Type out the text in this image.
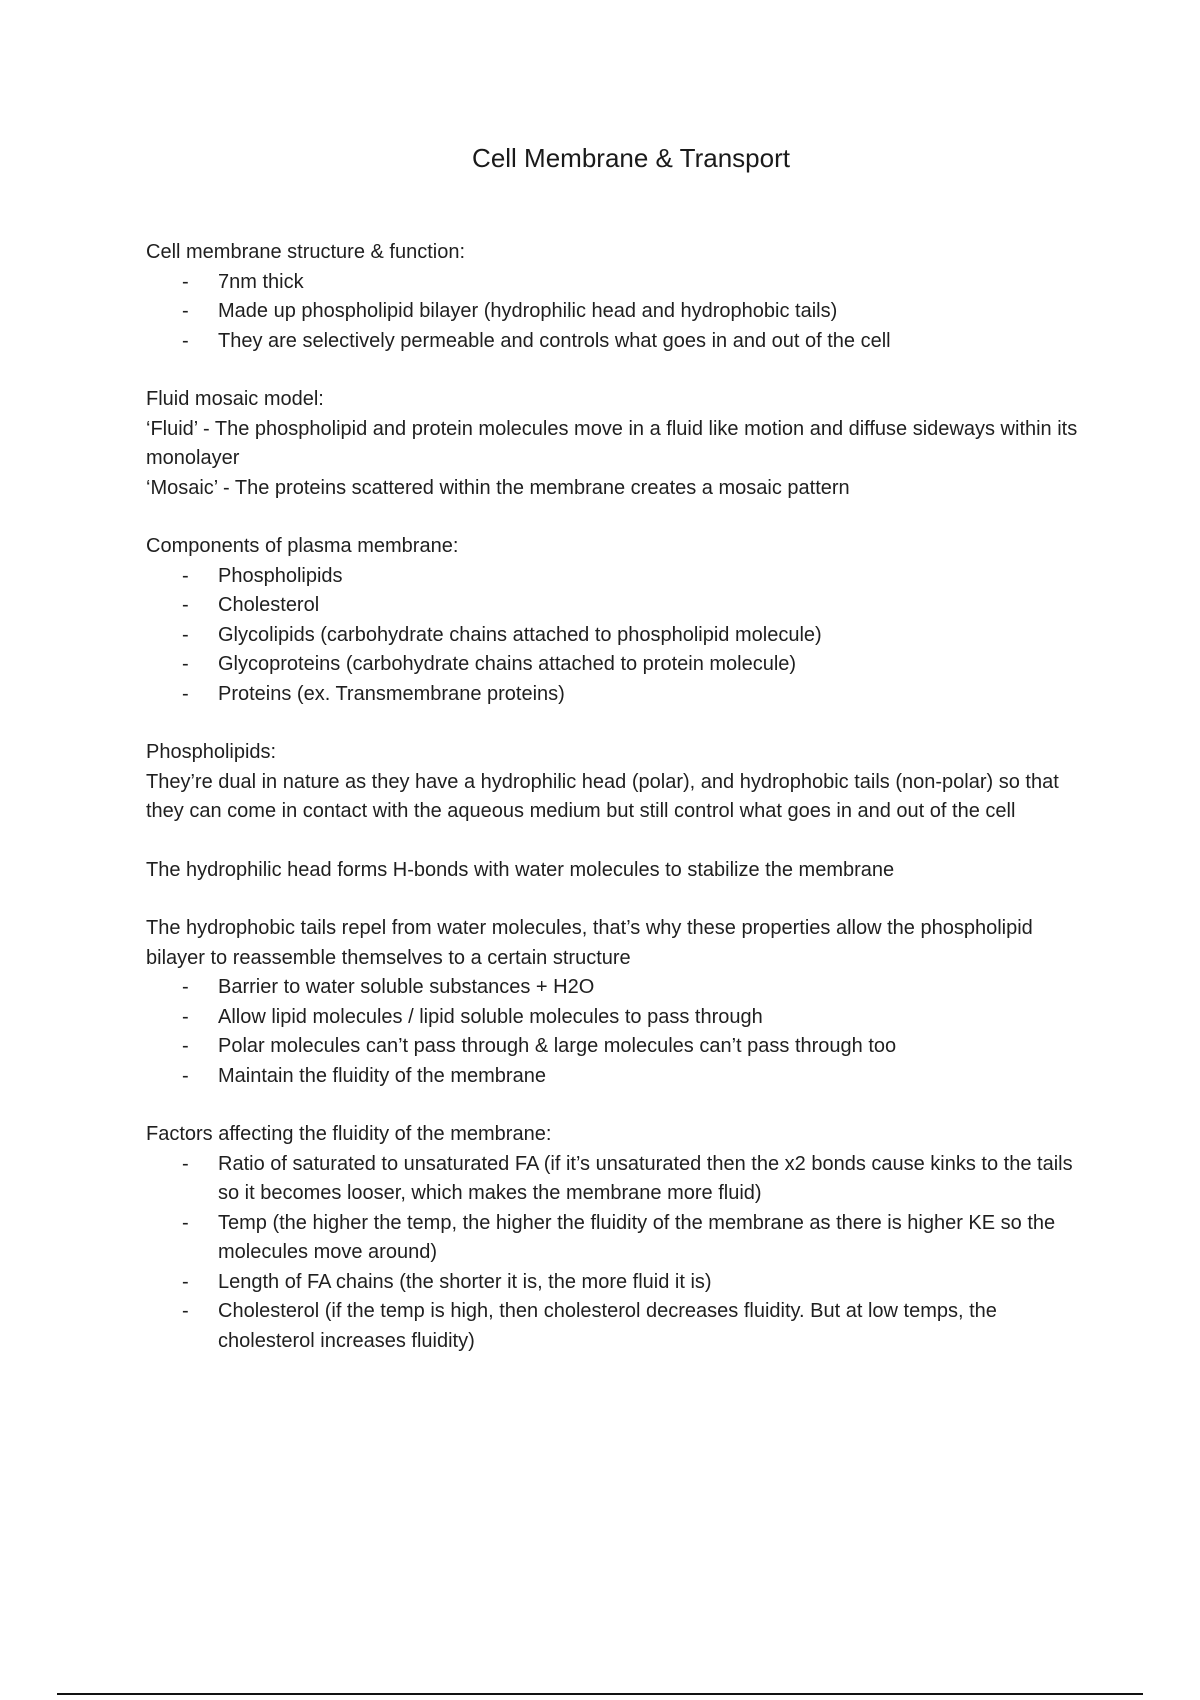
Cell Membrane & Transport

Cell membrane structure & function:

- 7nm thick
- Made up phospholipid bilayer (hydrophilic head and hydrophobic tails)
- They are selectively permeable and controls what goes in and out of the cell

Fluid mosaic model:

‘Fluid’ - The phospholipid and protein molecules move in a fluid like motion and diffuse sideways within its monolayer

‘Mosaic’ - The proteins scattered within the membrane creates a mosaic pattern

Components of plasma membrane:

- Phospholipids
- Cholesterol
- Glycolipids (carbohydrate chains attached to phospholipid molecule)
- Glycoproteins (carbohydrate chains attached to protein molecule)
- Proteins (ex. Transmembrane proteins)

Phospholipids:

They’re dual in nature as they have a hydrophilic head (polar), and hydrophobic tails (non-polar) so that they can come in contact with the aqueous medium but still control what goes in and out of the cell

The hydrophilic head forms H-bonds with water molecules to stabilize the membrane

The hydrophobic tails repel from water molecules, that’s why these properties allow the phospholipid bilayer to reassemble themselves to a certain structure

- Barrier to water soluble substances + H2O
- Allow lipid molecules / lipid soluble molecules to pass through
- Polar molecules can’t pass through & large molecules can’t pass through too
- Maintain the fluidity of the membrane

Factors affecting the fluidity of the membrane:

- Ratio of saturated to unsaturated FA (if it’s unsaturated then the x2 bonds cause kinks to the tails so it becomes looser, which makes the membrane more fluid)
- Temp (the higher the temp, the higher the fluidity of the membrane as there is higher KE so the molecules move around)
- Length of FA chains (the shorter it is, the more fluid it is)
- Cholesterol (if the temp is high, then cholesterol decreases fluidity. But at low temps, the cholesterol increases fluidity)
